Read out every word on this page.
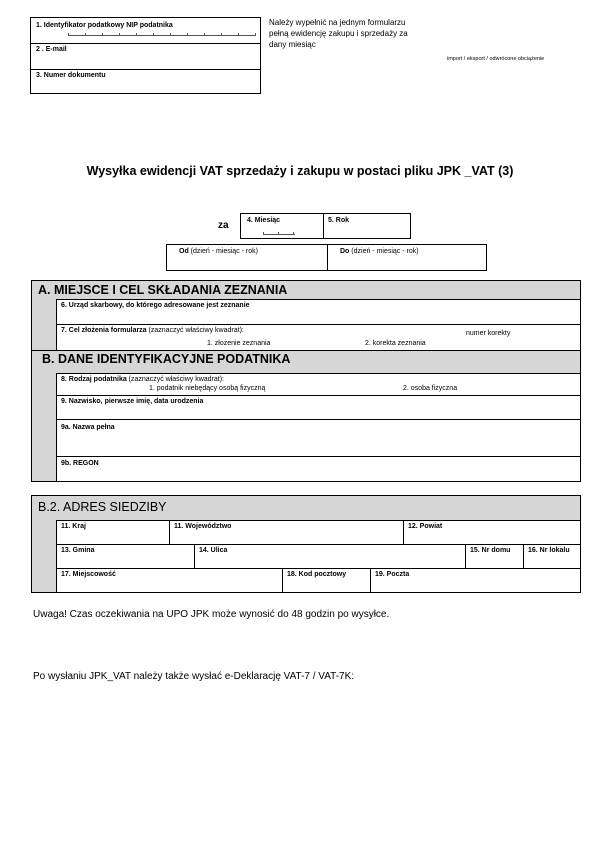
1. Identyfikator podatkowy NIP podatnika
2 . E-mail
3. Numer dokumentu
Należy wypełnić na jednym formularzu pełną ewidencję zakupu i sprzedaży za dany miesiąc
import / eksport / odwrócone obciążenie
Wysyłka ewidencji VAT sprzedaży i zakupu w postaci pliku JPK _VAT (3)
za	4. Miesiąc	5. Rok
Od (dzień - miesiąc - rok)	Do (dzień - miesiąc - rok)
A. MIEJSCE I CEL SKŁADANIA ZEZNANIA
6. Urząd skarbowy, do którego adresowane jest zeznanie
7. Cel złożenia formularza (zaznaczyć właściwy kwadrat):
1. złożenie zeznania	2. korekta zeznania
numer korekty
B. DANE IDENTYFIKACYJNE PODATNIKA
8. Rodzaj podatnika (zaznaczyć właściwy kwadrat):
1. podatnik niebędący osobą fizyczną	2. osoba fizyczna
9. Nazwisko, pierwsze imię, data urodzenia
9a. Nazwa pełna
9b. REGON
B.2. ADRES SIEDZIBY
11. Kraj	11. Województwo	12. Powiat
13. Gmina	14. Ulica	15. Nr domu	16. Nr lokalu
17. Miejscowość	18. Kod pocztowy	19. Poczta
Uwaga! Czas oczekiwania na UPO JPK może wynosić do 48 godzin po wysyłce.
Po wysłaniu JPK_VAT należy także wysłać e-Deklarację VAT-7 / VAT-7K:
